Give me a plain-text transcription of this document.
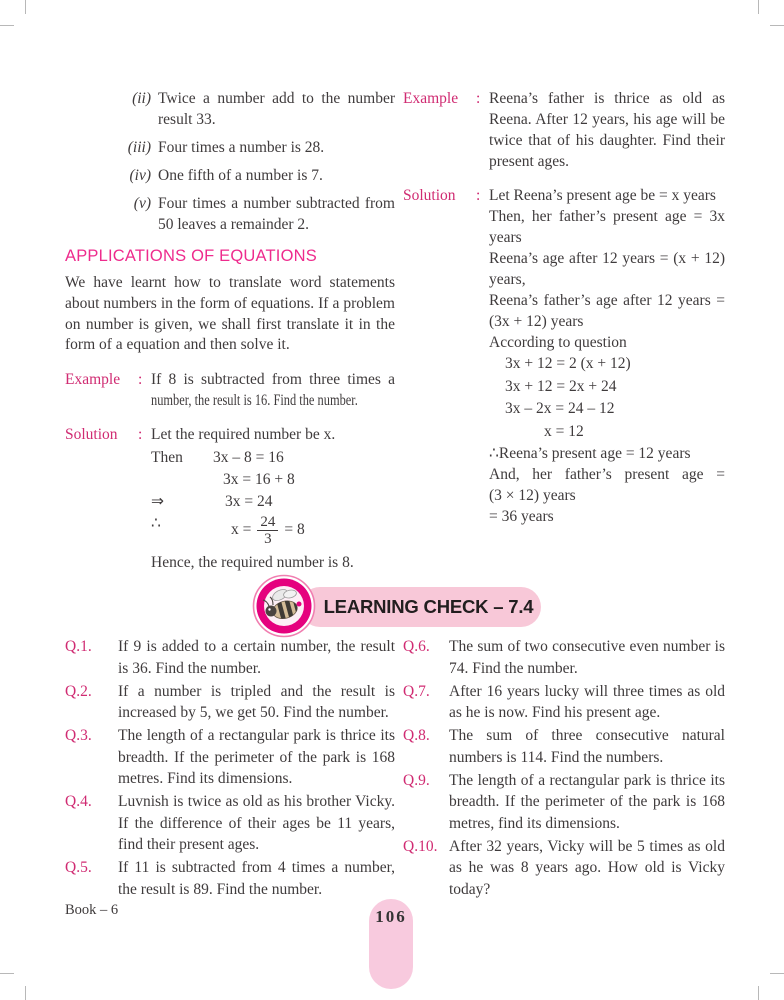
(ii) Twice a number add to the number result 33.
(iii) Four times a number is 28.
(iv) One fifth of a number is 7.
(v) Four times a number subtracted from 50 leaves a remainder 2.
APPLICATIONS OF EQUATIONS

We have learnt how to translate word statements about numbers in the form of equations. If a problem on number is given, we shall first translate it in the form of a equation and then solve it.

Example	: If 8 is subtracted from three times a

number, the result is 16. Find the number.

Solution	: Let the required number be x.

Then	3x – 8 = 16
3x = 16 + 8
⇒	3x = 24
∴	$x = \frac{24}{3} = 8$

Hence, the required number is 8.

Example	: Reena’s father is thrice as old as Reena. After 12 years, his age will be twice that of his daughter. Find their present ages.

Solution	: Let Reena’s present age be = x years

Then, her father’s present age = 3x years

Reena’s age after 12 years = (x + 12) years,

Reena’s father’s age after 12 years = (3x + 12) years

According to question

3x + 12 = 2 (x + 12)
3x + 12 = 2x + 24
3x – 2x = 24 – 12
x = 12

∴Reena’s present age = 12 years

And, her father’s present age =

(3 × 12) years

= 36 years

LEARNING CHECK – 7.4
Q.1.	If 9 is added to a certain number, the result is 36. Find the number.
Q.2.	If a number is tripled and the result is increased by 5, we get 50. Find the number.
Q.3.	The length of a rectangular park is thrice its breadth. If the perimeter of the park is 168 metres. Find its dimensions.
Q.4.	Luvnish is twice as old as his brother Vicky. If the difference of their ages be 11 years, find their present ages.
Q.5.	If 11 is subtracted from 4 times a number, the result is 89. Find the number.
Q.6.	The sum of two consecutive even number is 74. Find the number.
Q.7.	After 16 years lucky will three times as old as he is now. Find his present age.
Q.8.	The sum of three consecutive natural numbers is 114. Find the numbers.
Q.9.	The length of a rectangular park is thrice its breadth. If the perimeter of the park is 168 metres, find its dimensions.
Q.10. After 32 years, Vicky will be 5 times as old as he was 8 years ago. How old is Vicky today?
Book – 6	106
